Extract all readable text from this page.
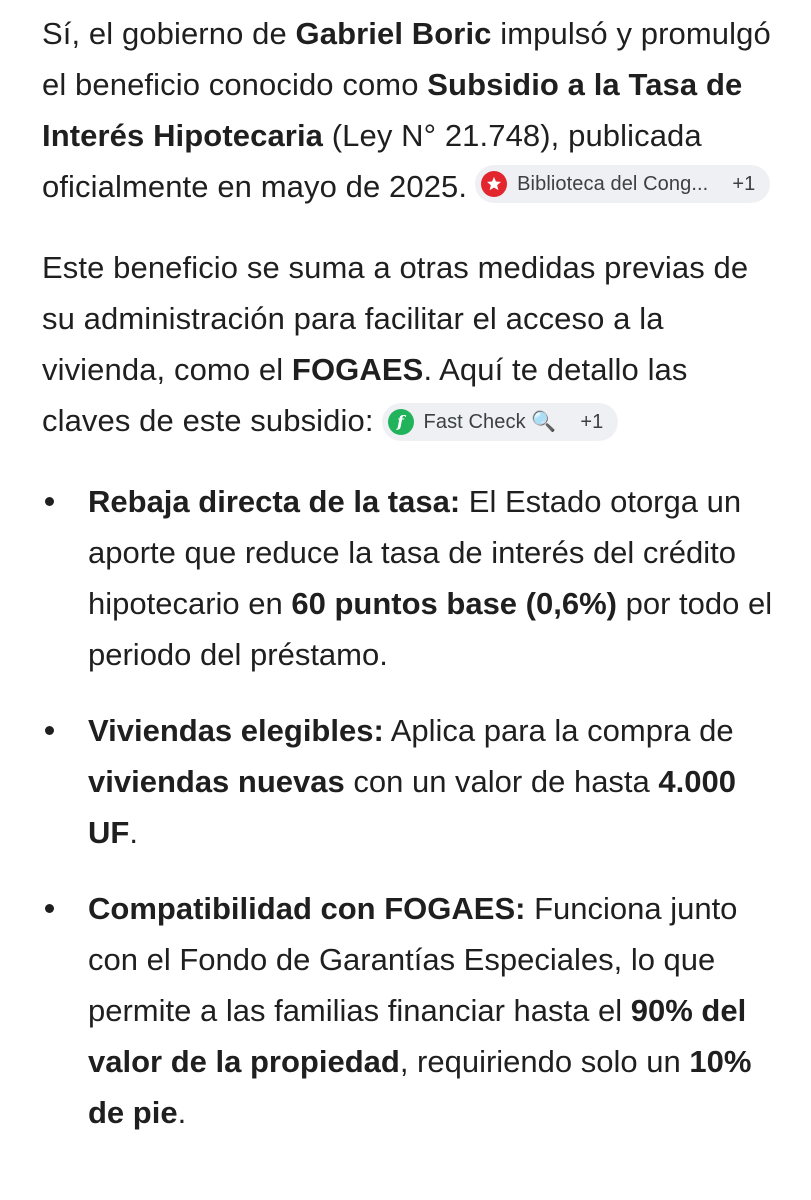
Sí, el gobierno de Gabriel Boric impulsó y promulgó el beneficio conocido como Subsidio a la Tasa de Interés Hipotecaria (Ley N° 21.748), publicada oficialmente en mayo de 2025.	Biblioteca del Cong... +1

Este beneficio se suma a otras medidas previas de su administración para facilitar el acceso a la vivienda, como el FOGAES. Aquí te detallo las claves de este subsidio:	f Fast Check 🔍 +1

Rebaja directa de la tasa: El Estado otorga un aporte que reduce la tasa de interés del crédito hipotecario en 60 puntos base (0,6%) por todo el periodo del préstamo.
Viviendas elegibles: Aplica para la compra de viviendas nuevas con un valor de hasta 4.000 UF.
Compatibilidad con FOGAES: Funciona junto con el Fondo de Garantías Especiales, lo que permite a las familias financiar hasta el 90% del valor de la propiedad, requiriendo solo un 10% de pie.
